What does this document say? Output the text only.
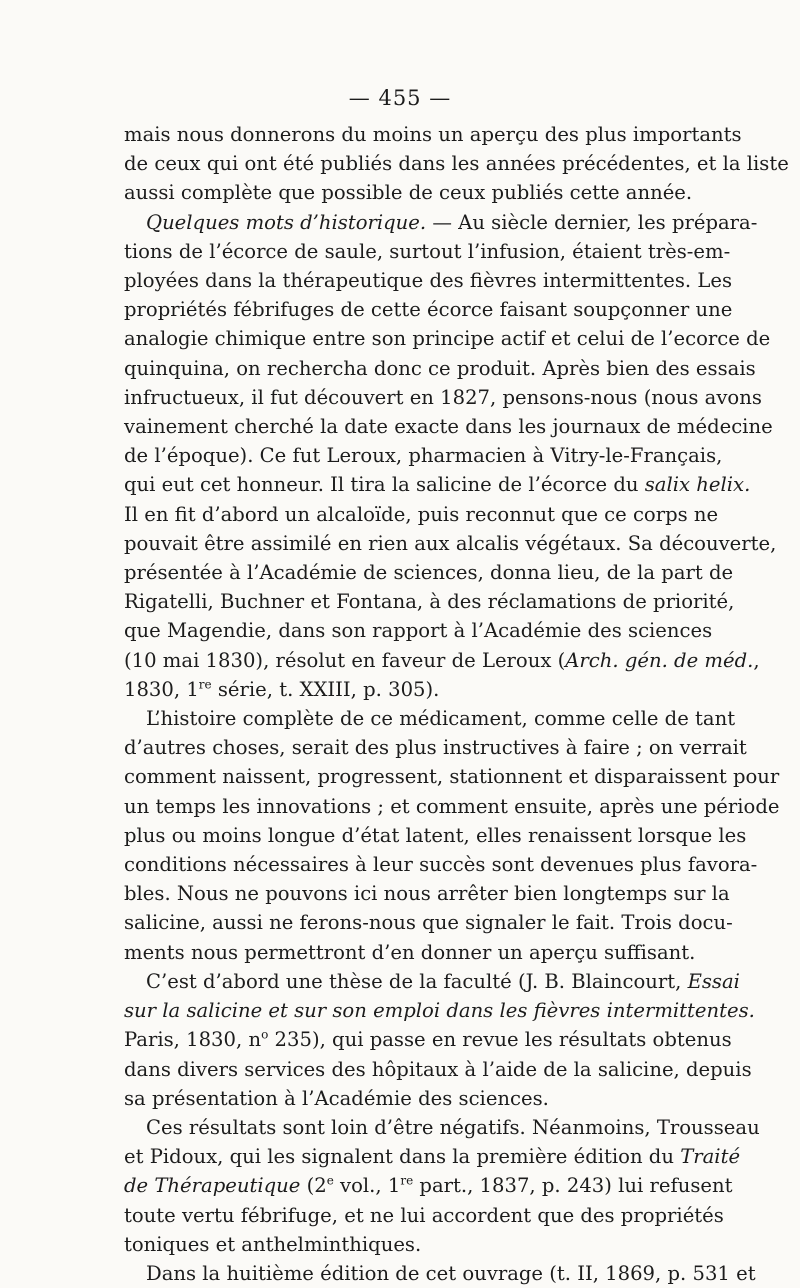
— 455 —
mais nous donnerons du moins un aperçu des plus importants
de ceux qui ont été publiés dans les années précédentes, et la liste
aussi complète que possible de ceux publiés cette année.
Quelques mots d’historique. — Au siècle dernier, les prépara-
tions de l’écorce de saule, surtout l’infusion, étaient très-em-
ployées dans la thérapeutique des fièvres intermittentes. Les
propriétés fébrifuges de cette écorce faisant soupçonner une
analogie chimique entre son principe actif et celui de l’ecorce de
quinquina, on rechercha donc ce produit. Après bien des essais
infructueux, il fut découvert en 1827, pensons-nous (nous avons
vainement cherché la date exacte dans les journaux de médecine
de l’époque). Ce fut Leroux, pharmacien à Vitry-le-Français,
qui eut cet honneur. Il tira la salicine de l’écorce du salix helix.
Il en fit d’abord un alcaloïde, puis reconnut que ce corps ne
pouvait être assimilé en rien aux alcalis végétaux. Sa découverte,
présentée à l’Académie de sciences, donna lieu, de la part de
Rigatelli, Buchner et Fontana, à des réclamations de priorité,
que Magendie, dans son rapport à l’Académie des sciences
(10 mai 1830), résolut en faveur de Leroux (Arch. gén. de méd.,
1830, 1re série, t. XXIII, p. 305).
L’histoire complète de ce médicament, comme celle de tant
d’autres choses, serait des plus instructives à faire ; on verrait
comment naissent, progressent, stationnent et disparaissent pour
un temps les innovations ; et comment ensuite, après une période
plus ou moins longue d’état latent, elles renaissent lorsque les
conditions nécessaires à leur succès sont devenues plus favora-
bles. Nous ne pouvons ici nous arrêter bien longtemps sur la
salicine, aussi ne ferons-nous que signaler le fait. Trois docu-
ments nous permettront d’en donner un aperçu suffisant.
C’est d’abord une thèse de la faculté (J. B. Blaincourt, Essai
sur la salicine et sur son emploi dans les fièvres intermittentes.
Paris, 1830, $n^o$ 235), qui passe en revue les résultats obtenus
dans divers services des hôpitaux à l’aide de la salicine, depuis
sa présentation à l’Académie des sciences.
Ces résultats sont loin d’être négatifs. Néanmoins, Trousseau
et Pidoux, qui les signalent dans la première édition du Traité
de Thérapeutique (2e vol., 1re part., 1837, p. 243) lui refusent
toute vertu fébrifuge, et ne lui accordent que des propriétés
toniques et anthelminthiques.
Dans la huitième édition de cet ouvrage (t. II, 1869, p. 531 et
